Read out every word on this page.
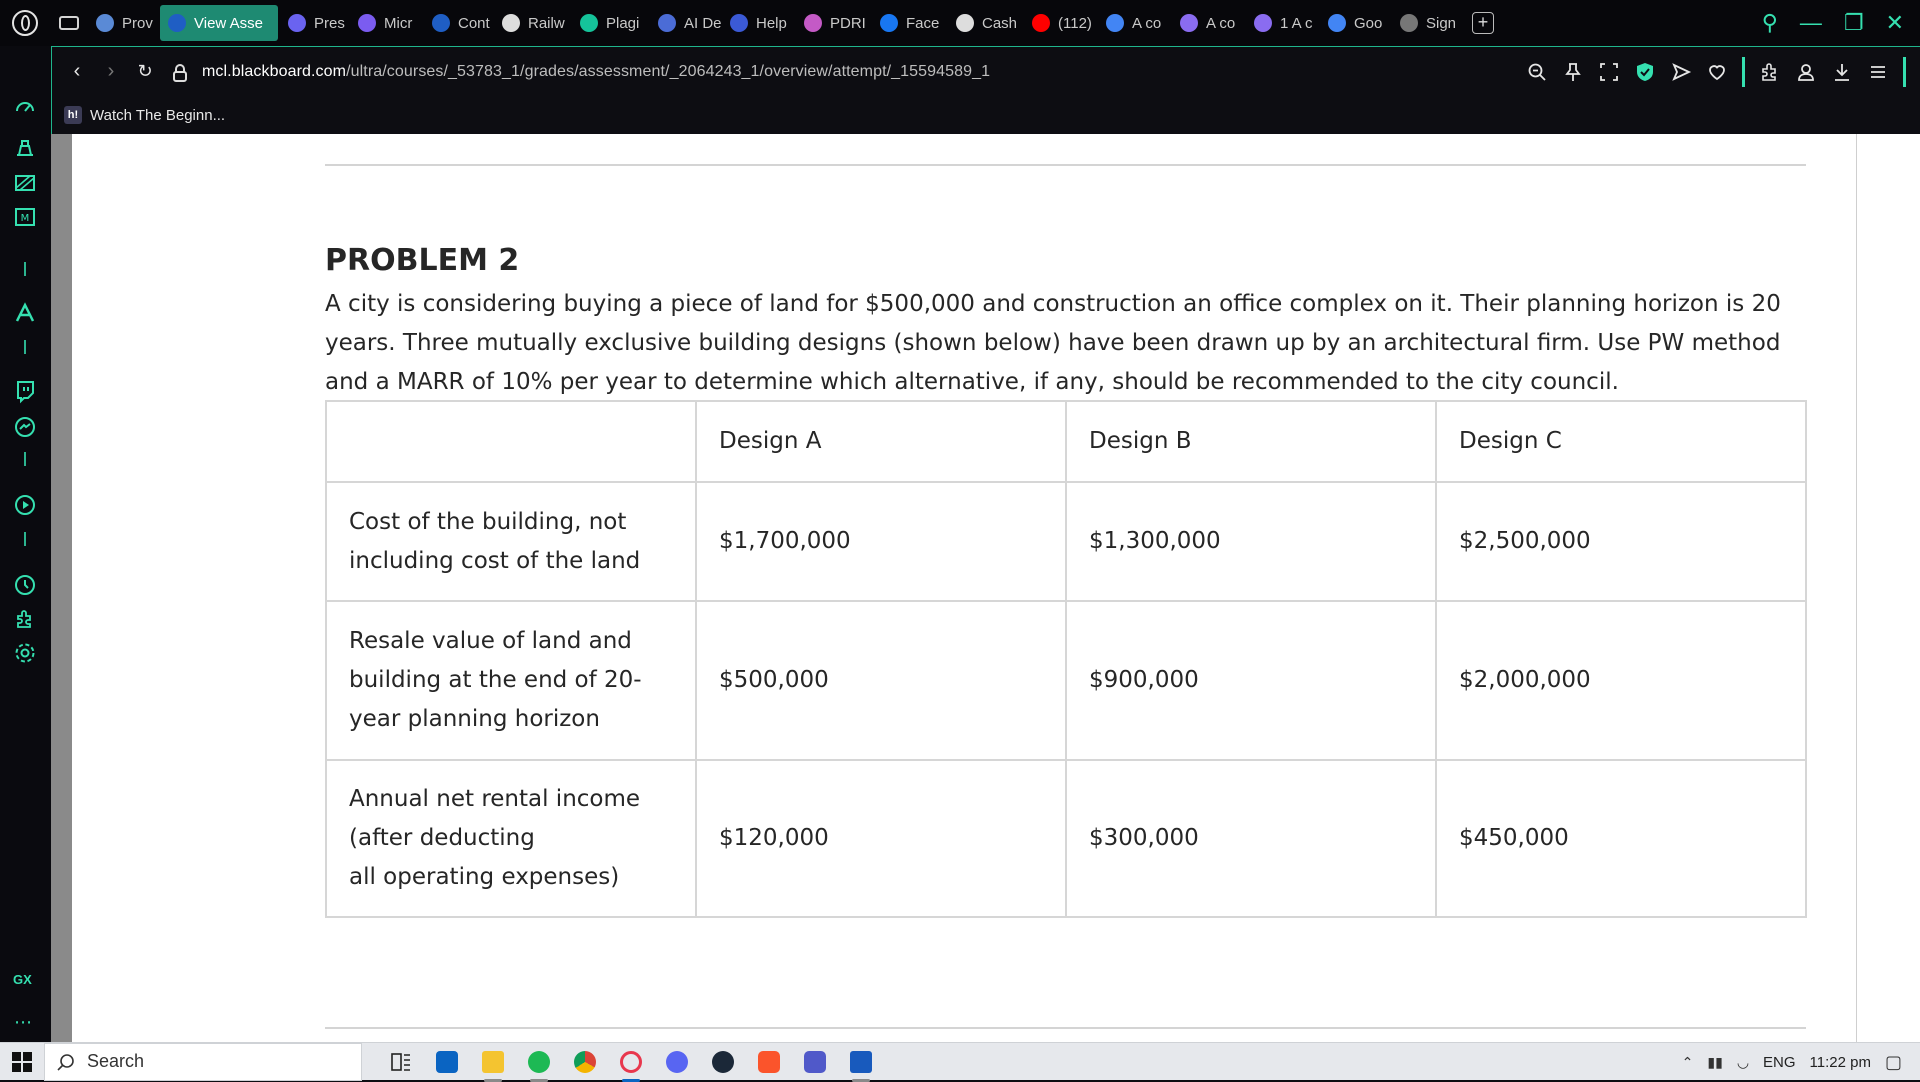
Prov	View Asse	Pres	Micr	Cont	Railw	Plagi	AI De Help	PDRI	Face	Cash	(112)	A co	A co	1 A c	Goo	Sign	+	⚲ — ❐ ✕
M
GX
⋯
‹	›	↻	mcl.blackboard.com/ultra/courses/_53783_1/grades/assessment/_2064243_1/overview/attempt/_15594589_1
h! Watch The Beginn...
PROBLEM 2
A city is considering buying a piece of land for $500,000 and construction an office complex on it. Their planning horizon is 20 years. Three mutually exclusive building designs (shown below) have been drawn up by an architectural firm. Use PW method and a MARR of 10% per year to determine which alternative, if any, should be recommended to the city council.
	Design A	Design B	Design C
Cost of the building, not
including cost of the land	$1,700,000	$1,300,000	$2,500,000
Resale value of land and
building at the end of 20-
year planning horizon	$500,000	$900,000	$2,000,000
Annual net rental income
(after deducting
all operating expenses)	$120,000	$300,000	$450,000
Search	⌃ ▮▮ ◡ ENG 11:22 pm ▢
